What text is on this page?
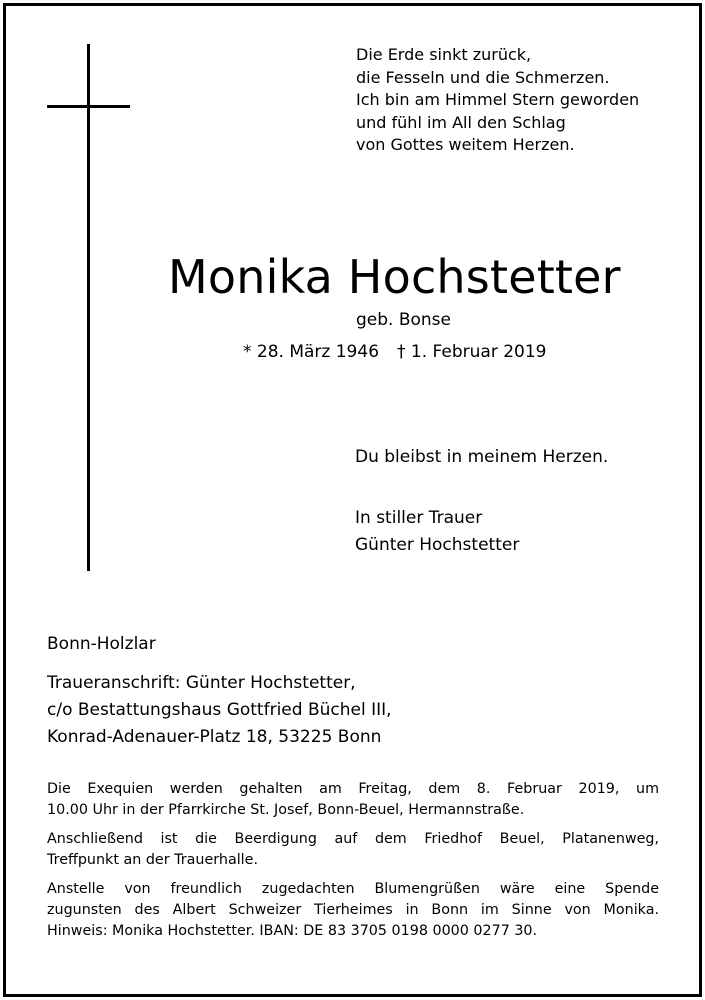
Die Erde sinkt zurück,
die Fesseln und die Schmerzen.
Ich bin am Himmel Stern geworden
und fühl im All den Schlag
von Gottes weitem Herzen.
Monika Hochstetter
geb. Bonse
* 28. März 1946 † 1. Februar 2019
Du bleibst in meinem Herzen.
In stiller Trauer
Günter Hochstetter
Bonn-Holzlar
Traueranschrift: Günter Hochstetter,
c/o Bestattungshaus Gottfried Büchel III,
Konrad-Adenauer-Platz 18, 53225 Bonn

Die Exequien werden gehalten am Freitag, dem 8. Februar 2019, um
10.00 Uhr in der Pfarrkirche St. Josef, Bonn-Beuel, Hermannstraße.

Anschließend ist die Beerdigung auf dem Friedhof Beuel, Platanenweg,
Treffpunkt an der Trauerhalle.

Anstelle von freundlich zugedachten Blumengrüßen wäre eine Spende
zugunsten des Albert Schweizer Tierheimes in Bonn im Sinne von Monika.
Hinweis: Monika Hochstetter. IBAN: DE 83 3705 0198 0000 0277 30.
